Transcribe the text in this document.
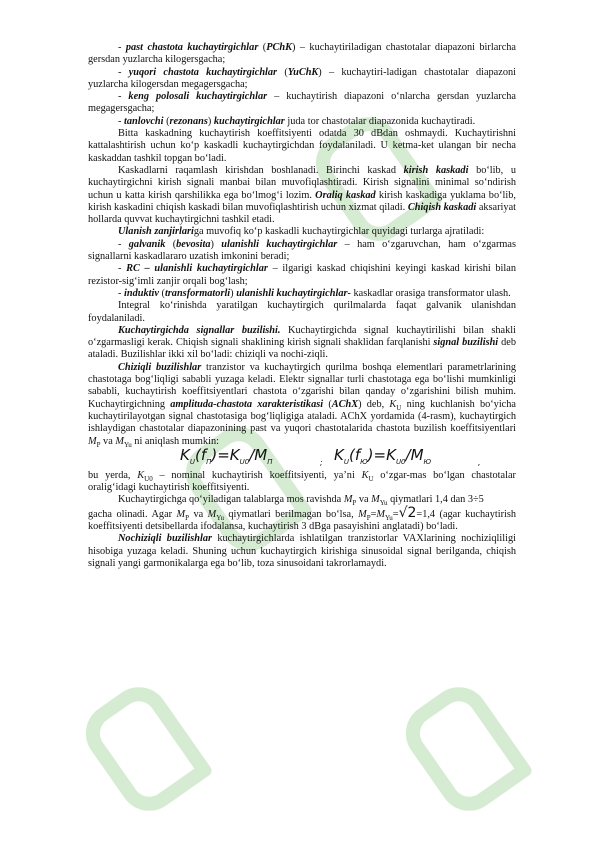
- past chastota kuchaytirgichlar (PChK) – kuchaytiriladigan chastotalar diapazoni birlarcha gersdan yuzlarcha kilogersgacha;

- yuqori chastota kuchaytirgichlar (YuChK) – kuchaytiri-ladigan chastotalar diapazoni yuzlarcha kilogersdan megagersgacha;

- keng polosali kuchaytirgichlar – kuchaytirish diapazoni o‘nlarcha gersdan yuzlarcha megagersgacha;

- tanlovchi (rezonans) kuchaytirgichlar juda tor chastotalar diapazonida kuchaytiradi.

Bitta kaskadning kuchaytirish koeffitsiyenti odatda 30 dBdan oshmaydi. Kuchaytirishni kattalashtirish uchun ko‘p kaskadli kuchaytirgichdan foydalaniladi. U ketma-ket ulangan bir necha kaskaddan tashkil topgan bo‘ladi.

Kaskadlarni raqamlash kirishdan boshlanadi. Birinchi kaskad kirish kaskadi bo‘lib, u kuchaytirgichni kirish signali manbai bilan muvofiqlashtiradi. Kirish signalini minimal so‘ndirish uchun u katta kirish qarshilikka ega bo‘lmog‘i lozim. Oraliq kaskad kirish kaskadiga yuklama bo‘lib, kirish kaskadini chiqish kaskadi bilan muvofiqlashtirish uchun xizmat qiladi. Chiqish kaskadi aksariyat hollarda quvvat kuchaytirgichni tashkil etadi.

Ulanish zanjirlariga muvofiq ko‘p kaskadli kuchaytirgichlar quyidagi turlarga ajratiladi:

- galvanik (bevosita) ulanishli kuchaytirgichlar – ham o‘zgaruvchan, ham o‘zgarmas signallarni kaskadlararo uzatish imkonini beradi;

- RC – ulanishli kuchaytirgichlar – ilgarigi kaskad chiqishini keyingi kaskad kirishi bilan rezistor-sig‘imli zanjir orqali bog‘lash;

- induktiv (transformatorli) ulanishli kuchaytirgichlar- kaskadlar orasiga transformator ulash.

Integral ko‘rinishda yaratilgan kuchaytirgich qurilmalarda faqat galvanik ulanishdan foydalaniladi.

Kuchaytirgichda signallar buzilishi. Kuchaytirgichda signal kuchaytirilishi bilan shakli o‘zgarmasligi kerak. Chiqish signali shaklining kirish signali shaklidan farqlanishi signal buzilishi deb ataladi. Buzilishlar ikki xil bo‘ladi: chiziqli va nochi-ziqli.

Chiziqli buzilishlar tranzistor va kuchaytirgich qurilma boshqa elementlari parametrlarining chastotaga bog‘liqligi sababli yuzaga keladi. Elektr signallar turli chastotaga ega bo‘lishi mumkinligi sababli, kuchaytirish koeffitsiyentlari chastota o‘zgarishi bilan qanday o‘zgarishini bilish muhim. Kuchaytirgichning amplituda-chastota xarakteristikasi (AChX) deb, $K_U$ ning kuchlanish bo‘yicha kuchaytirilayotgan signal chastotasiga bog‘liqligiga ataladi. AChX yordamida (4-rasm), kuchaytirgich ishlaydigan chastotalar diapazonining past va yuqori chastotalarida chastota buzilish koeffitsiyentlari $M_P$ va $M_{Yu}$ ni aniqlash mumkin:

$K_U(f_П)=K_{U0}/M_П$	; $K_U(f_Ю)=K_{U0}/M_Ю$	,

bu yerda, $K_{U0}$ – nominal kuchaytirish koeffitsiyenti, ya’ni $K_U$ o‘zgar-mas bo‘lgan chastotalar oralig‘idagi kuchaytirish koeffitsiyenti.

Kuchaytirgichga qo‘yiladigan talablarga mos ravishda $M_P$ va $M_{Yu}$ qiymatlari 1,4 dan 3÷5

gacha olinadi. Agar $M_P$ va $M_{Yu}$ qiymatlari berilmagan bo‘lsa, $M_P=M_{Yu}=√2=1,4$ (agar kuchaytirish koeffitsiyenti detsibellarda ifodalansa, kuchaytirish 3 dBga pasayishini anglatadi) bo‘ladi.

Nochiziqli buzilishlar kuchaytirgichlarda ishlatilgan tranzistorlar VAXlarining nochiziqliligi hisobiga yuzaga keladi. Shuning uchun kuchaytirgich kirishiga sinusoidal signal berilganda, chiqish signali yangi garmonikalarga ega bo‘lib, toza sinusoidani takrorlamaydi.
